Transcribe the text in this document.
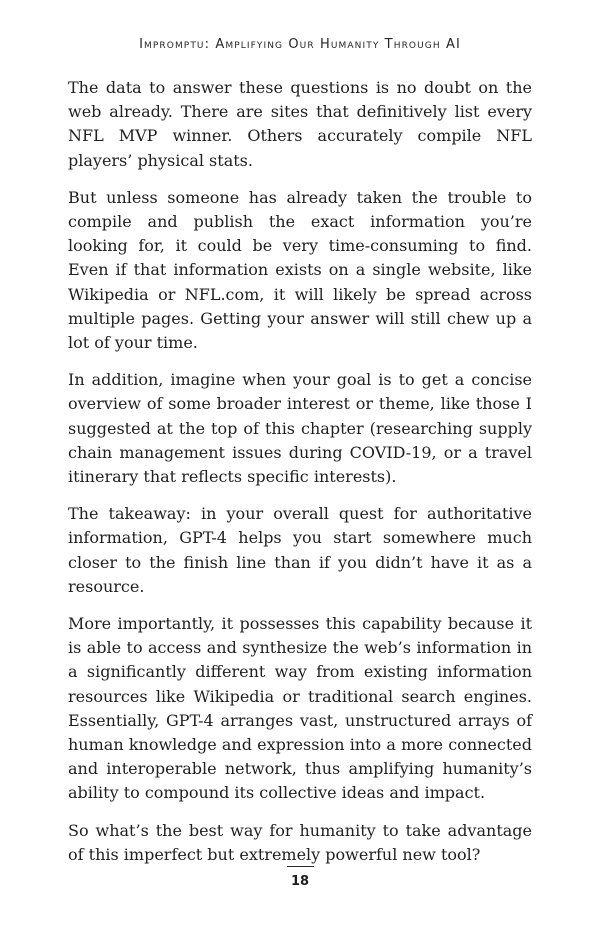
Impromptu: Amplifying Our Humanity Through AI

The data to answer these questions is no doubt on the web already. There are sites that definitively list every NFL MVP winner. Others accurately compile NFL players’ physical stats.

But unless someone has already taken the trouble to compile and publish the exact information you’re looking for, it could be very time-consuming to find. Even if that information exists on a single website, like Wikipedia or NFL.com, it will likely be spread across multiple pages. Getting your answer will still chew up a lot of your time.

In addition, imagine when your goal is to get a concise overview of some broader interest or theme, like those I suggested at the top of this chapter (researching supply chain management issues during COVID-19, or a travel itinerary that reflects specific interests).

The takeaway: in your overall quest for authoritative information, GPT-4 helps you start somewhere much closer to the finish line than if you didn’t have it as a resource.

More importantly, it possesses this capability because it is able to access and synthesize the web’s information in a significantly different way from existing information resources like Wikipedia or traditional search engines. Essentially, GPT-4 arranges vast, unstructured arrays of human knowledge and expression into a more connected and interoperable network, thus amplifying humanity’s ability to compound its collective ideas and impact.

So what’s the best way for humanity to take advantage of this imperfect but extremely powerful new tool?

18
